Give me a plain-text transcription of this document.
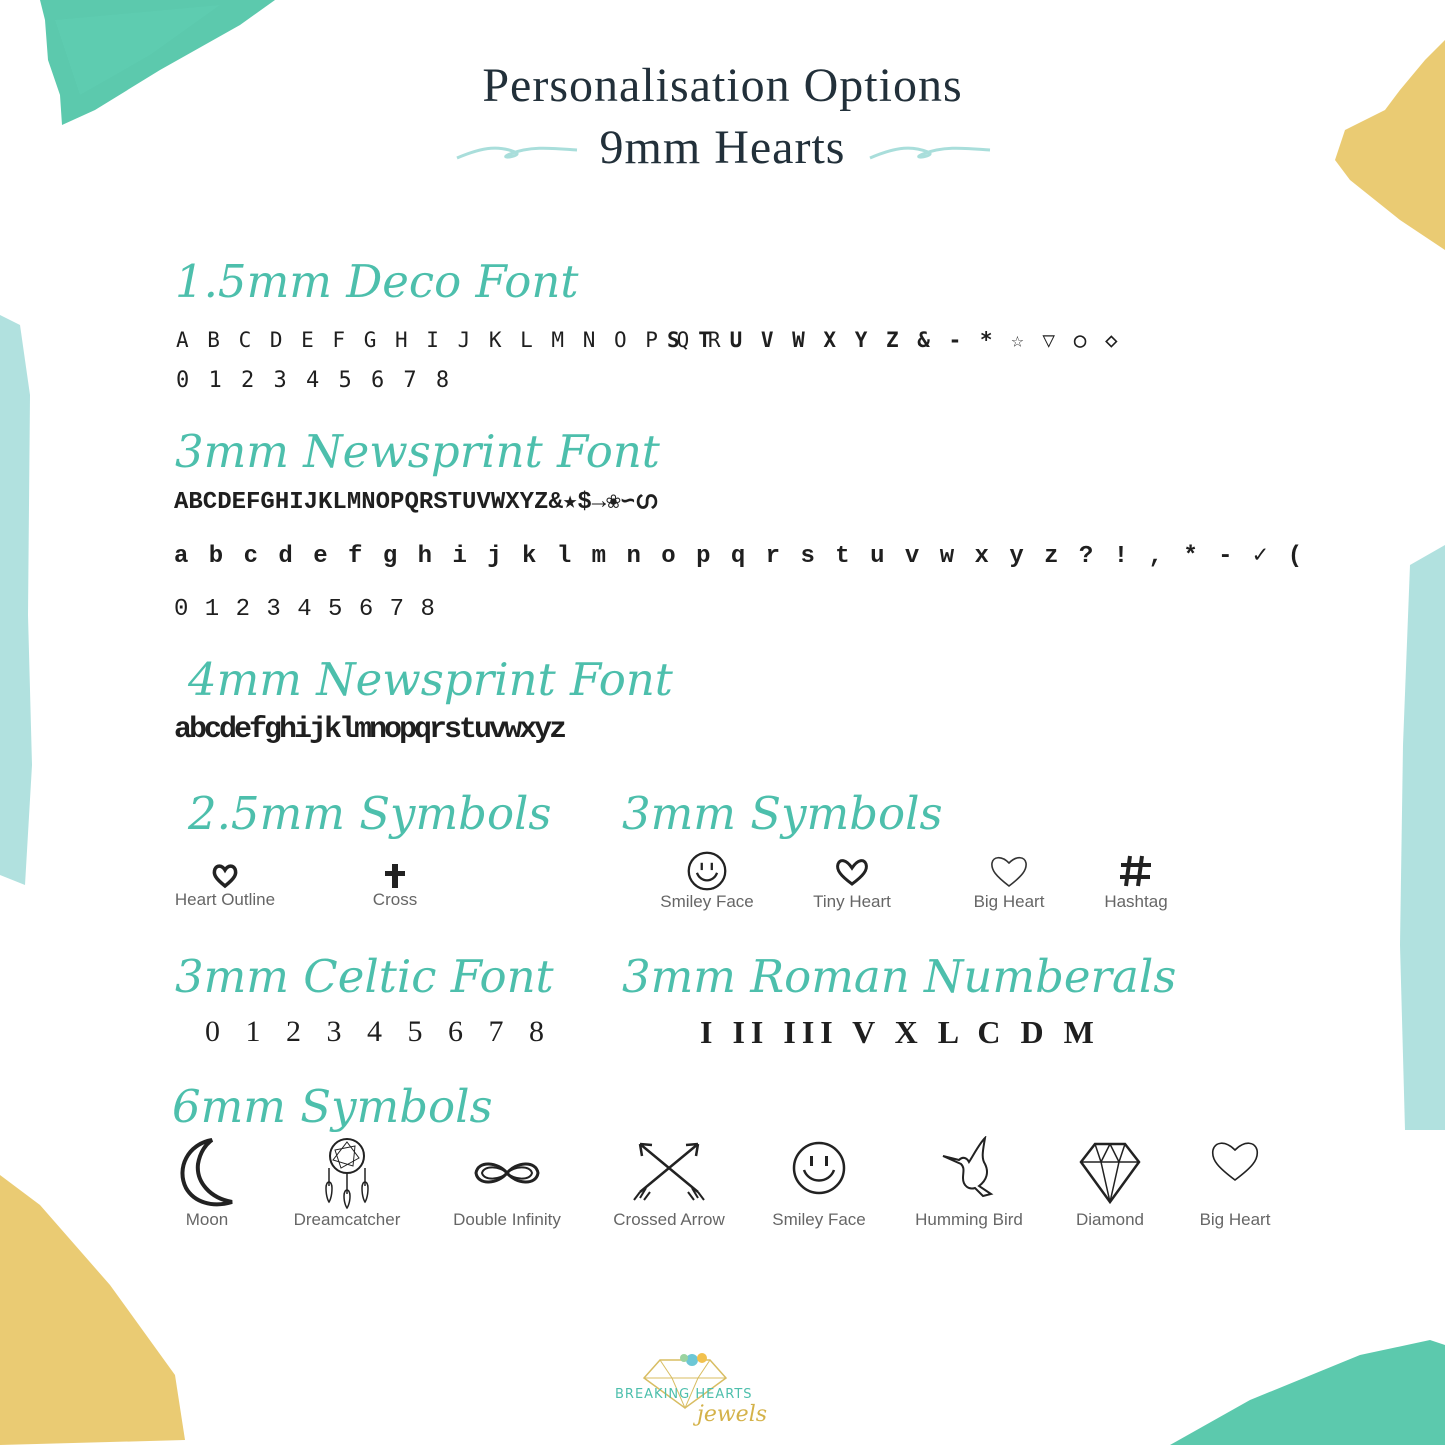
Personalisation Options
9mm Hearts
1.5mm Deco Font
A B C D E F G H I J K L M N O P Q R
S T U V W X Y Z & - * ☆ ▽ ○ ◇
0 1 2 3 4 5 6 7 8
3mm Newsprint Font
ABCDEFGHIJKLMNOPQRSTUVWXYZ&★$→❀∽ഗ
a b c d e f g h i j k l m n o p q r s t u v w x y z ? ! , * - ✓ (
0 1 2 3 4 5 6 7 8
4mm Newsprint Font
abcdefghijklmnopqrstuvwxyz
2.5mm Symbols
Heart Outline	Cross
3mm Symbols
Smiley Face	Tiny Heart	Big Heart	Hashtag
3mm Celtic Font
0 1 2 3 4 5 6 7 8
3mm Roman Numberals
I II III V X L C D M
6mm Symbols
Moon	Dreamcatcher	Double Infinity	Crossed Arrow	Smiley Face	Humming Bird	Diamond	Big Heart
BREAKING HEARTS
jewels
